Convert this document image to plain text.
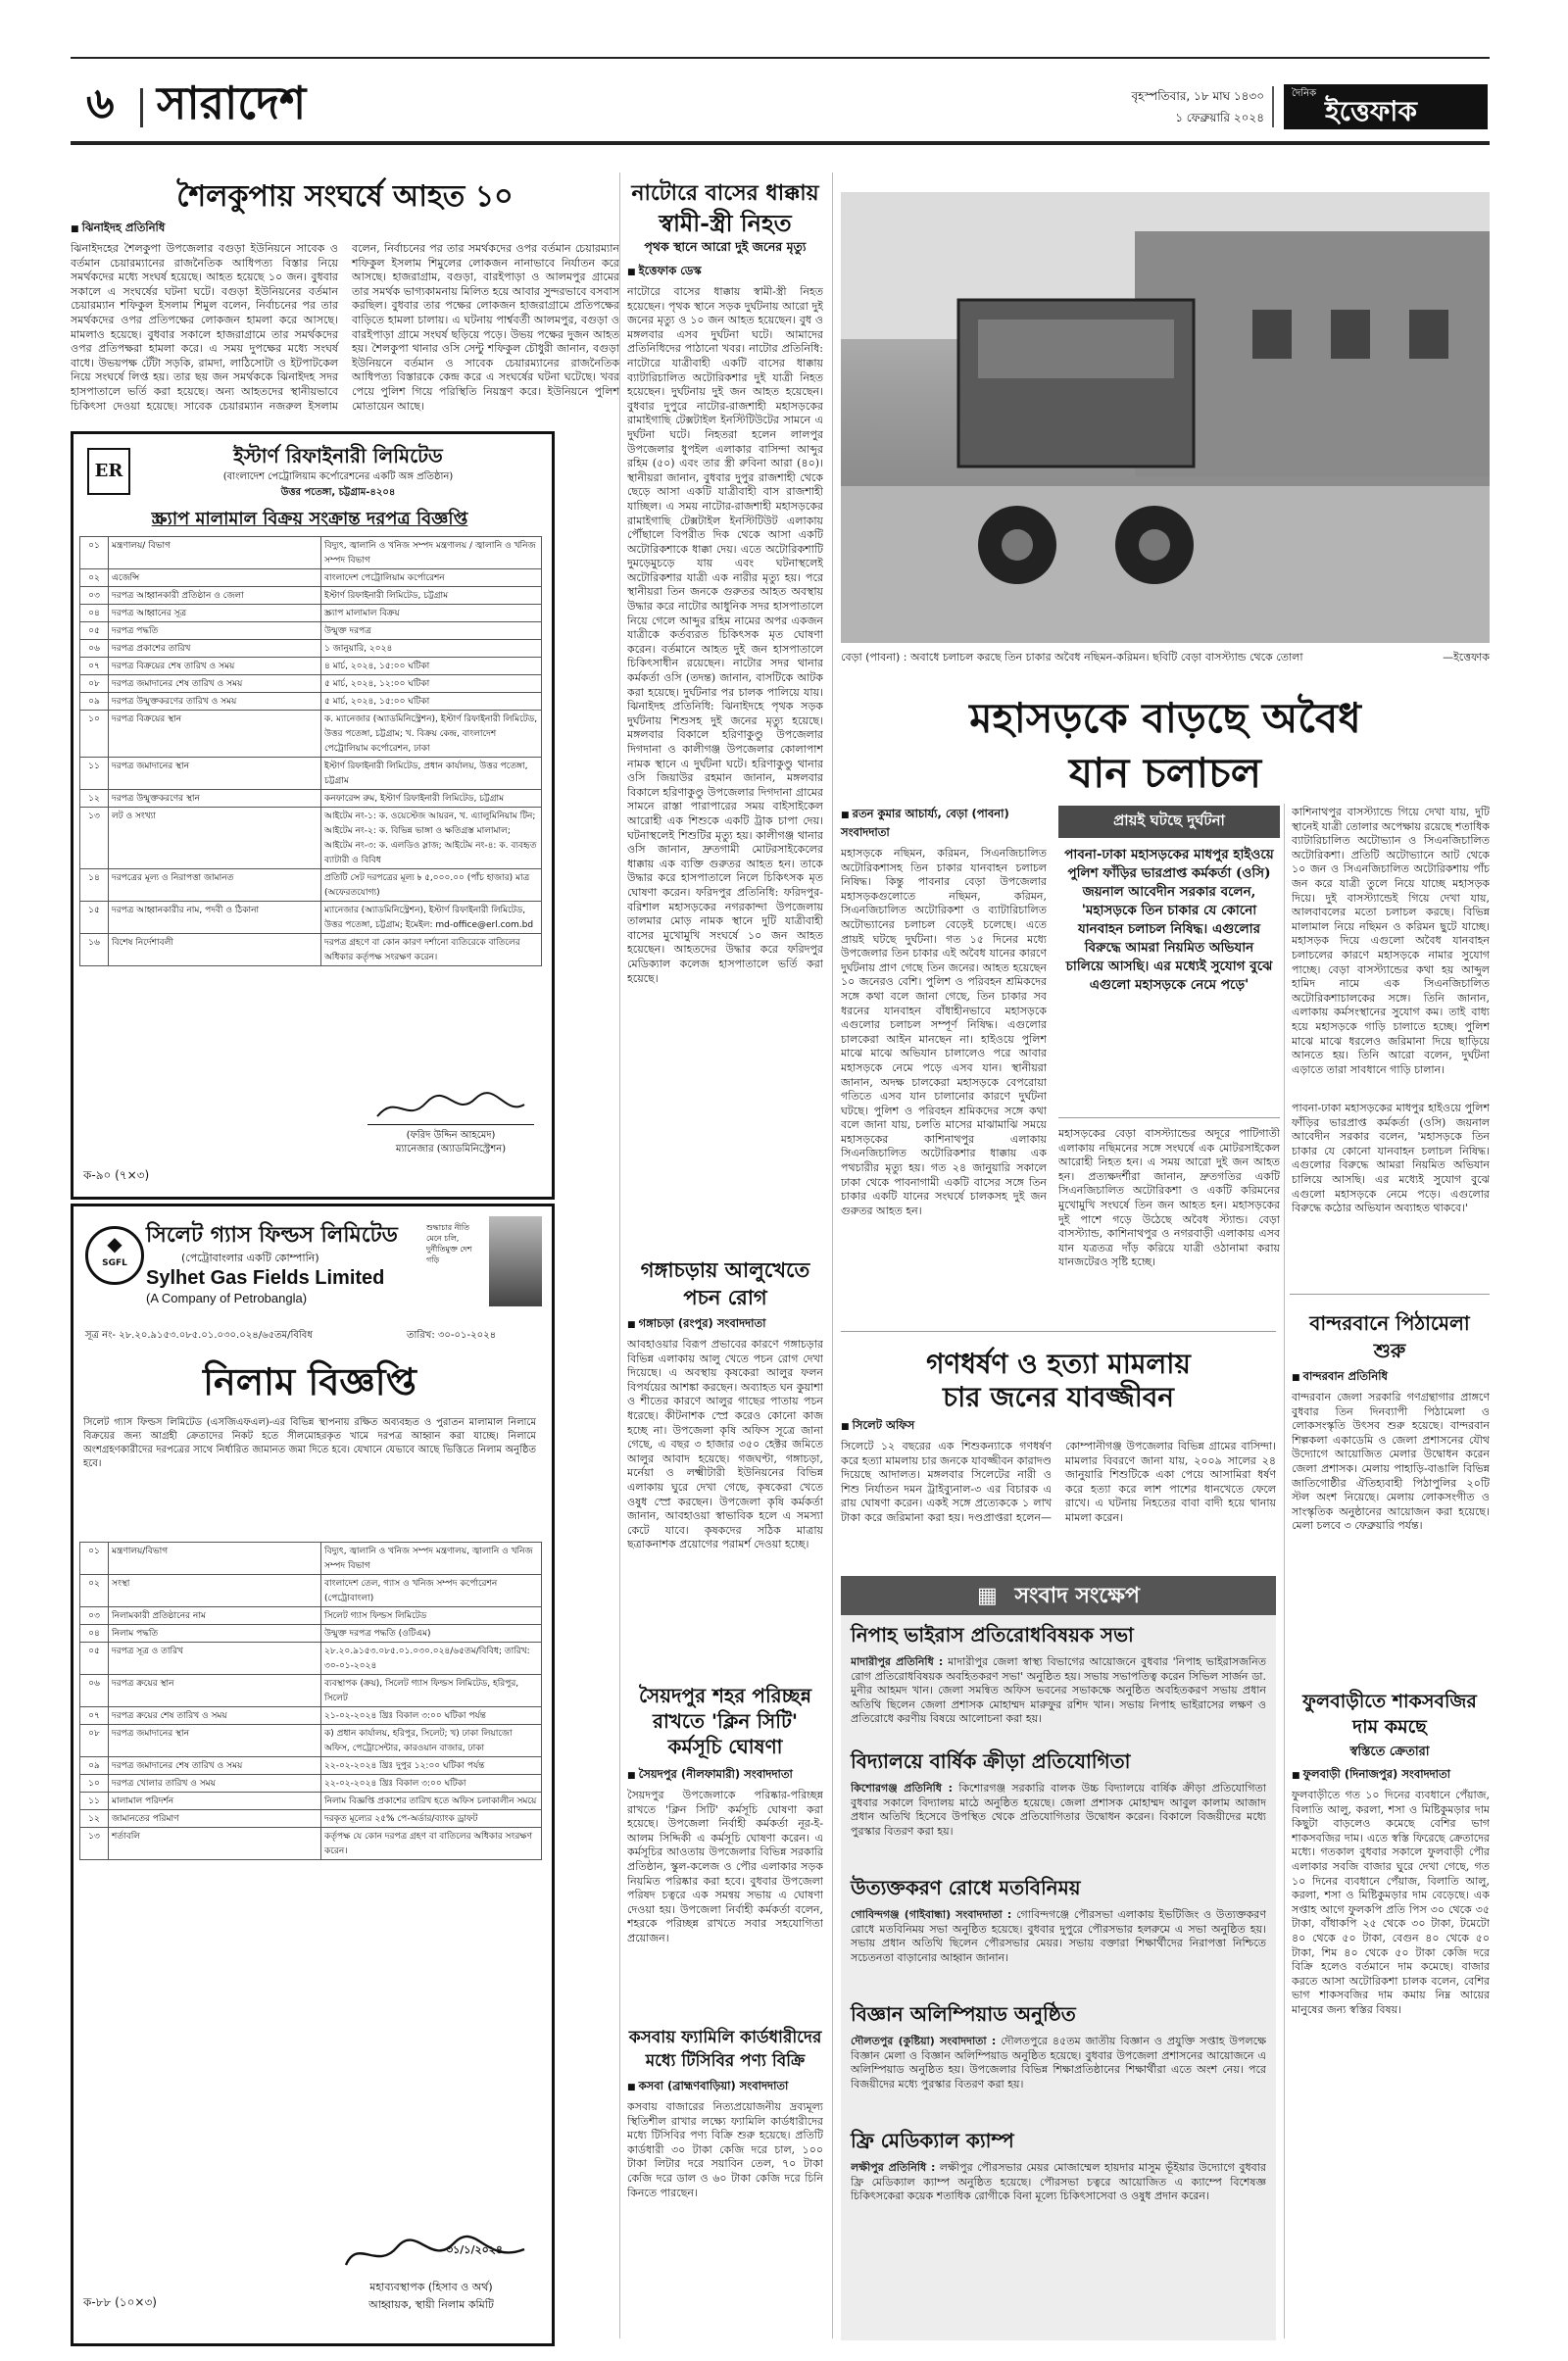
৬ সারাদেশ	বৃহস্পতিবার, ১৮ মাঘ ১৪৩০
১ ফেব্রুয়ারি ২০২৪
দৈনিক
ইত্তেফাক
শৈলকুপায় সংঘর্ষে আহত ১০
■ ঝিনাইদহ প্রতিনিধি
ঝিনাইদহের শৈলকুপা উপজেলার বগুড়া ইউনিয়নে সাবেক ও বর্তমান চেয়ারম্যানের রাজনৈতিক আধিপত্য বিস্তার নিয়ে সমর্থকদের মধ্যে সংঘর্ষ হয়েছে। আহত হয়েছে ১০ জন। বুধবার সকালে এ সংঘর্ষের ঘটনা ঘটে। বগুড়া ইউনিয়নের বর্তমান চেয়ারম্যান শফিকুল ইসলাম শিমুল বলেন, নির্বাচনের পর তার সমর্থকদের ওপর প্রতিপক্ষের লোকজন হামলা করে আসছে। মামলাও হয়েছে। বুধবার সকালে হাজরাগ্রামে তার সমর্থকদের ওপর প্রতিপক্ষরা হামলা করে। এ সময় দুপক্ষের মধ্যে সংঘর্ষ বাধে। উভয়পক্ষ টেঁটা সড়কি, রামদা, লাঠিসোটা ও ইটপাটকেল নিয়ে সংঘর্ষে লিপ্ত হয়। তার ছয় জন সমর্থককে ঝিনাইদহ সদর হাসপাতালে ভর্তি করা হয়েছে। অন্য আহতদের স্থানীয়ভাবে চিকিৎসা দেওয়া হয়েছে। সাবেক চেয়ারম্যান নজরুল ইসলাম বলেন, নির্বাচনের পর তার সমর্থকদের ওপর বর্তমান চেয়ারম্যান শফিকুল ইসলাম শিমুলের লোকজন নানাভাবে নির্যাতন করে আসছে। হাজরাগ্রাম, বগুড়া, বারইপাড়া ও আলমপুর গ্রামের তার সমর্থক ভাগ্যকামনায় মিলিত হয়ে আবার সুন্দরভাবে বসবাস করছিল। বুধবার তার পক্ষের লোকজন হাজরাগ্রামে প্রতিপক্ষের বাড়িতে হামলা চালায়। এ ঘটনায় পার্শ্ববর্তী আলমপুর, বগুড়া ও বারইপাড়া গ্রামে সংঘর্ষ ছড়িয়ে পড়ে। উভয় পক্ষের দুজন আহত হয়। শৈলকুপা থানার ওসি সেন্টু শফিকুল চৌধুরী জানান, বগুড়া ইউনিয়নে বর্তমান ও সাবেক চেয়ারম্যানের রাজনৈতিক আধিপত্য বিস্তারকে কেন্দ্র করে এ সংঘর্ষের ঘটনা ঘটেছে। খবর পেয়ে পুলিশ গিয়ে পরিস্থিতি নিয়ন্ত্রণ করে। ইউনিয়নে পুলিশ মোতায়েন আছে।
ER
ইস্টার্ণ রিফাইনারী লিমিটেড
(বাংলাদেশ পেট্রোলিয়াম কর্পোরেশনের একটি অঙ্গ প্রতিষ্ঠান)
উত্তর পতেঙ্গা, চট্টগ্রাম-৪২০৪
স্ক্র্যাপ মালামাল বিক্রয় সংক্রান্ত দরপত্র বিজ্ঞপ্তি
০১	মন্ত্রণালয়/ বিভাগ	বিদ্যুৎ, জ্বালানি ও খনিজ সম্পদ মন্ত্রণালয় / জ্বালানি ও খনিজ সম্পদ বিভাগ
০২	এজেন্সি	বাংলাদেশ পেট্রোলিয়াম কর্পোরেশন
০৩	দরপত্র আহ্বানকারী প্রতিষ্ঠান ও জেলা	ইস্টার্ণ রিফাইনারী লিমিটেড, চট্টগ্রাম
০৪	দরপত্র আহ্বানের সূত্র	স্ক্র্যাপ মালামাল বিক্রয়
০৫	দরপত্র পদ্ধতি	উন্মুক্ত দরপত্র
০৬	দরপত্র প্রকাশের তারিখ	১ জানুয়ারি, ২০২৪
০৭	দরপত্র বিক্রয়ের শেষ তারিখ ও সময়	৪ মার্চ, ২০২৪, ১৫:০০ ঘটিকা
০৮	দরপত্র জমাদানের শেষ তারিখ ও সময়	৫ মার্চ, ২০২৪, ১২:০০ ঘটিকা
০৯	দরপত্র উন্মুক্তকরণের তারিখ ও সময়	৫ মার্চ, ২০২৪, ১৫:০০ ঘটিকা
১০	দরপত্র বিক্রয়ের স্থান	ক. ম্যানেজার (অ্যাডমিনিস্ট্রেশন), ইস্টার্ণ রিফাইনারী লিমিটেড, উত্তর পতেঙ্গা, চট্টগ্রাম; খ. বিক্রয় কেন্দ্র, বাংলাদেশ পেট্রোলিয়াম কর্পোরেশন, ঢাকা
১১	দরপত্র জমাদানের স্থান	ইস্টার্ণ রিফাইনারী লিমিটেড, প্রধান কার্যালয়, উত্তর পতেঙ্গা, চট্টগ্রাম
১২	দরপত্র উন্মুক্তকরণের স্থান	কনফারেন্স রুম, ইস্টার্ণ রিফাইনারী লিমিটেড, চট্টগ্রাম
১৩	লট ও সংখ্যা	আইটেম নং-১: ক. ওয়েস্টেজ আয়রন, খ. এ্যালুমিনিয়াম টিন; আইটেম নং-২: ক. বিভিন্ন ভাঙ্গা ও ক্ষতিগ্রস্ত মালামাল; আইটেম নং-৩: ক. এলডিও স্লাজ; আইটেম নং-৪: ক. ব্যবহৃত ব্যাটারী ও বিবিধ
১৪	দরপত্রের মূল্য ও নিরাপত্তা জামানত	প্রতিটি সেট দরপত্রের মূল্য ৳ ৫,০০০.০০ (পাঁচ হাজার) মাত্র (অফেরতযোগ্য)
১৫	দরপত্র আহ্বানকারীর নাম, পদবী ও ঠিকানা	ম্যানেজার (অ্যাডমিনিস্ট্রেশন), ইস্টার্ণ রিফাইনারী লিমিটেড, উত্তর পতেঙ্গা, চট্টগ্রাম; ইমেইল: md-office@erl.com.bd
১৬	বিশেষ নির্দেশাবলী	দরপত্র গ্রহণে বা কোন কারণ দর্শানো ব্যতিরেকে বাতিলের অধিকার কর্তৃপক্ষ সংরক্ষণ করেন।
(ফরিদ উদ্দিন আহমেদ)
ম্যানেজার (অ্যাডমিনিস্ট্রেশন)
ক-৯০ (৭×৩)
◆
SGFL
সিলেট গ্যাস ফিল্ডস লিমিটেড
(পেট্রোবাংলার একটি কোম্পানি)
Sylhet Gas Fields Limited
(A Company of Petrobangla)
শুদ্ধাচার নীতি মেনে চলি, দুর্নীতিমুক্ত দেশ গড়ি
সূত্র নং- ২৮.২০.৯১৫৩.০৮৫.০১.০৩০.০২৪/৬৫তম/বিবিধ	তারিখ: ৩০-০১-২০২৪
নিলাম বিজ্ঞপ্তি
সিলেট গ্যাস ফিল্ডস লিমিটেড (এসজিএফএল)-এর বিভিন্ন স্থাপনায় রক্ষিত অব্যবহৃত ও পুরাতন মালামাল নিলামে বিক্রয়ের জন্য আগ্রহী ক্রেতাদের নিকট হতে সীলমোহরকৃত খামে দরপত্র আহ্বান করা যাচ্ছে। নিলামে অংশগ্রহণকারীদের দরপত্রের সাথে নির্ধারিত জামানত জমা দিতে হবে। যেখানে যেভাবে আছে ভিত্তিতে নিলাম অনুষ্ঠিত হবে।
০১	মন্ত্রণালয়/বিভাগ	বিদ্যুৎ, জ্বালানি ও খনিজ সম্পদ মন্ত্রণালয়, জ্বালানি ও খনিজ সম্পদ বিভাগ
০২	সংস্থা	বাংলাদেশ তেল, গ্যাস ও খনিজ সম্পদ কর্পোরেশন (পেট্রোবাংলা)
০৩	নিলামকারী প্রতিষ্ঠানের নাম	সিলেট গ্যাস ফিল্ডস লিমিটেড
০৪	নিলাম পদ্ধতি	উন্মুক্ত দরপত্র পদ্ধতি (ওটিএম)
০৫	দরপত্র সূত্র ও তারিখ	২৮.২০.৯১৫৩.০৮৫.০১.০৩০.০২৪/৬৫তম/বিবিধ; তারিখ: ৩০-০১-২০২৪
০৬	দরপত্র ক্রয়ের স্থান	ব্যবস্থাপক (ক্রয়), সিলেট গ্যাস ফিল্ডস লিমিটেড, হরিপুর, সিলেট
০৭	দরপত্র ক্রয়ের শেষ তারিখ ও সময়	২১-০২-২০২৪ খ্রিঃ বিকাল ৩:০০ ঘটিকা পর্যন্ত
০৮	দরপত্র জমাদানের স্থান	ক) প্রধান কার্যালয়, হরিপুর, সিলেট; খ) ঢাকা লিয়াজো অফিস, পেট্রোসেন্টার, কারওয়ান বাজার, ঢাকা
০৯	দরপত্র জমাদানের শেষ তারিখ ও সময়	২২-০২-২০২৪ খ্রিঃ দুপুর ১২:০০ ঘটিকা পর্যন্ত
১০	দরপত্র খোলার তারিখ ও সময়	২২-০২-২০২৪ খ্রিঃ বিকাল ৩:০০ ঘটিকা
১১	মালামাল পরিদর্শন	নিলাম বিজ্ঞপ্তি প্রকাশের তারিখ হতে অফিস চলাকালীন সময়ে
১২	জামানতের পরিমাণ	দরকৃত মূল্যের ২৫% পে-অর্ডার/ব্যাংক ড্রাফট
১৩	শর্তাবলি	কর্তৃপক্ষ যে কোন দরপত্র গ্রহণ বা বাতিলের অধিকার সংরক্ষণ করেন।
৩১/১/২০২৪
মহাব্যবস্থাপক (হিসাব ও অর্থ)
আহ্বায়ক, স্থায়ী নিলাম কমিটি
ক-৮৮ (১০×৩)
নাটোরে বাসের ধাক্কায়
স্বামী-স্ত্রী নিহত
পৃথক স্থানে আরো দুই জনের মৃত্যু
■ ইত্তেফাক ডেস্ক
নাটোরে বাসের ধাক্কায় স্বামী-স্ত্রী নিহত হয়েছেন। পৃথক স্থানে সড়ক দুর্ঘটনায় আরো দুই জনের মৃত্যু ও ১০ জন আহত হয়েছেন। বুধ ও মঙ্গলবার এসব দুর্ঘটনা ঘটে। আমাদের প্রতিনিধিদের পাঠানো খবর। নাটোর প্রতিনিধি: নাটোরে যাত্রীবাহী একটি বাসের ধাক্কায় ব্যাটারিচালিত অটোরিকশার দুই যাত্রী নিহত হয়েছেন। দুর্ঘটনায় দুই জন আহত হয়েছেন। বুধবার দুপুরে নাটোর-রাজশাহী মহাসড়কের রামাইগাছি টেক্সটাইল ইনস্টিটিউটের সামনে এ দুর্ঘটনা ঘটে। নিহতরা হলেন লালপুর উপজেলার ধুপইল এলাকার বাসিন্দা আব্দুর রহিম (৫০) এবং তার স্ত্রী রুবিনা আরা (৪০)। স্থানীয়রা জানান, বুধবার দুপুর রাজশাহী থেকে ছেড়ে আসা একটি যাত্রীবাহী বাস রাজশাহী যাচ্ছিল। এ সময় নাটোর-রাজশাহী মহাসড়কের রামাইগাছি টেক্সটাইল ইনস্টিটিউট এলাকায় পৌঁছালে বিপরীত দিক থেকে আসা একটি অটোরিকশাকে ধাক্কা দেয়। এতে অটোরিকশাটি দুমড়েমুচড়ে যায় এবং ঘটনাস্থলেই অটোরিকশার যাত্রী এক নারীর মৃত্যু হয়। পরে স্থানীয়রা তিন জনকে গুরুতর আহত অবস্থায় উদ্ধার করে নাটোর আধুনিক সদর হাসপাতালে নিয়ে গেলে আব্দুর রহিম নামের অপর একজন যাত্রীকে কর্তব্যরত চিকিৎসক মৃত ঘোষণা করেন। বর্তমানে আহত দুই জন হাসপাতালে চিকিৎসাধীন রয়েছেন। নাটোর সদর থানার কর্মকর্তা ওসি (তদন্ত) জানান, বাসটিকে আটক করা হয়েছে। দুর্ঘটনার পর চালক পালিয়ে যায়। ঝিনাইদহ প্রতিনিধি: ঝিনাইদহে পৃথক সড়ক দুর্ঘটনায় শিশুসহ দুই জনের মৃত্যু হয়েছে। মঙ্গলবার বিকালে হরিণাকুণ্ডু উপজেলার দিগদানা ও কালীগঞ্জ উপজেলার কোলাপাশ নামক স্থানে এ দুর্ঘটনা ঘটে। হরিণাকুণ্ডু থানার ওসি জিয়াউর রহমান জানান, মঙ্গলবার বিকালে হরিণাকুণ্ডু উপজেলার দিগদানা গ্রামের সামনে রাস্তা পারাপারের সময় বাইসাইকেল আরোহী এক শিশুকে একটি ট্রাক চাপা দেয়। ঘটনাস্থলেই শিশুটির মৃত্যু হয়। কালীগঞ্জ থানার ওসি জানান, দ্রুতগামী মোটরসাইকেলের ধাক্কায় এক ব্যক্তি গুরুতর আহত হন। তাকে উদ্ধার করে হাসপাতালে নিলে চিকিৎসক মৃত ঘোষণা করেন। ফরিদপুর প্রতিনিধি: ফরিদপুর-বরিশাল মহাসড়কের নগরকান্দা উপজেলায় তালমার মোড় নামক স্থানে দুটি যাত্রীবাহী বাসের মুখোমুখি সংঘর্ষে ১০ জন আহত হয়েছেন। আহতদের উদ্ধার করে ফরিদপুর মেডিক্যাল কলেজ হাসপাতালে ভর্তি করা হয়েছে।
গঙ্গাচড়ায় আলুখেতে
পচন রোগ
■ গঙ্গাচড়া (রংপুর) সংবাদদাতা
আবহাওয়ার বিরূপ প্রভাবের কারণে গঙ্গাচড়ার বিভিন্ন এলাকায় আলু খেতে পচন রোগ দেখা দিয়েছে। এ অবস্থায় কৃষকেরা আলুর ফলন বিপর্যয়ের আশঙ্কা করছেন। অব্যাহত ঘন কুয়াশা ও শীতের কারণে আলুর গাছের পাতায় পচন ধরেছে। কীটনাশক স্প্রে করেও কোনো কাজ হচ্ছে না। উপজেলা কৃষি অফিস সূত্রে জানা গেছে, এ বছর ৩ হাজার ৩৫০ হেক্টর জমিতে আলুর আবাদ হয়েছে। গজঘণ্টা, গঙ্গাচড়া, মর্নেয়া ও লক্ষ্মীটারী ইউনিয়নের বিভিন্ন এলাকায় ঘুরে দেখা গেছে, কৃষকেরা খেতে ওষুধ স্প্রে করছেন। উপজেলা কৃষি কর্মকর্তা জানান, আবহাওয়া স্বাভাবিক হলে এ সমস্যা কেটে যাবে। কৃষকদের সঠিক মাত্রায় ছত্রাকনাশক প্রয়োগের পরামর্শ দেওয়া হচ্ছে।
সৈয়দপুর শহর পরিচ্ছন্ন
রাখতে 'ক্লিন সিটি'
কর্মসূচি ঘোষণা
■ সৈয়দপুর (নীলফামারী) সংবাদদাতা
সৈয়দপুর উপজেলাকে পরিষ্কার-পরিচ্ছন্ন রাখতে 'ক্লিন সিটি' কর্মসূচি ঘোষণা করা হয়েছে। উপজেলা নির্বাহী কর্মকর্তা নূর-ই-আলম সিদ্দিকী এ কর্মসূচি ঘোষণা করেন। এ কর্মসূচির আওতায় উপজেলার বিভিন্ন সরকারি প্রতিষ্ঠান, স্কুল-কলেজ ও পৌর এলাকার সড়ক নিয়মিত পরিষ্কার করা হবে। বুধবার উপজেলা পরিষদ চত্বরে এক সমন্বয় সভায় এ ঘোষণা দেওয়া হয়। উপজেলা নির্বাহী কর্মকর্তা বলেন, শহরকে পরিচ্ছন্ন রাখতে সবার সহযোগিতা প্রয়োজন।
কসবায় ফ্যামিলি কার্ডধারীদের
মধ্যে টিসিবির পণ্য বিক্রি
■ কসবা (ব্রাহ্মণবাড়িয়া) সংবাদদাতা
কসবায় বাজারের নিত্যপ্রয়োজনীয় দ্রব্যমূল্য স্থিতিশীল রাখার লক্ষ্যে ফ্যামিলি কার্ডধারীদের মধ্যে টিসিবির পণ্য বিক্রি শুরু হয়েছে। প্রতিটি কার্ডধারী ৩০ টাকা কেজি দরে চাল, ১০০ টাকা লিটার দরে সয়াবিন তেল, ৭০ টাকা কেজি দরে ডাল ও ৬০ টাকা কেজি দরে চিনি কিনতে পারছেন।
বেড়া (পাবনা) : অবাধে চলাচল করছে তিন চাকার অবৈধ নছিমন-করিমন। ছবিটি বেড়া বাসস্ট্যান্ড থেকে তোলা	—ইত্তেফাক
মহাসড়কে বাড়ছে অবৈধ
যান চলাচল
■ রতন কুমার আচার্য্য, বেড়া (পাবনা) সংবাদদাতা
মহাসড়কে নছিমন, করিমন, সিএনজিচালিত অটোরিকশাসহ তিন চাকার যানবাহন চলাচল নিষিদ্ধ। কিন্তু পাবনার বেড়া উপজেলার মহাসড়কগুলোতে নছিমন, করিমন, সিএনজিচালিত অটোরিকশা ও ব্যাটারিচালিত অটোভ্যানের চলাচল বেড়েই চলেছে। এতে প্রায়ই ঘটছে দুর্ঘটনা। গত ১৫ দিনের মধ্যে উপজেলার তিন চাকার এই অবৈধ যানের কারণে দুর্ঘটনায় প্রাণ গেছে তিন জনের। আহত হয়েছেন ১০ জনেরও বেশি। পুলিশ ও পরিবহন শ্রমিকদের সঙ্গে কথা বলে জানা গেছে, তিন চাকার সব ধরনের যানবাহন বাঁধাহীনভাবে মহাসড়কে এগুলোর চলাচল সম্পূর্ণ নিষিদ্ধ। এগুলোর চালকেরা আইন মানছেন না। হাইওয়ে পুলিশ মাঝে মাঝে অভিযান চালালেও পরে আবার মহাসড়কে নেমে পড়ে এসব যান। স্থানীয়রা জানান, অদক্ষ চালকেরা মহাসড়কে বেপরোয়া গতিতে এসব যান চালানোর কারণে দুর্ঘটনা ঘটছে। পুলিশ ও পরিবহন শ্রমিকদের সঙ্গে কথা বলে জানা যায়, চলতি মাসের মাঝামাঝি সময়ে মহাসড়কের কাশিনাথপুর এলাকায় সিএনজিচালিত অটোরিকশার ধাক্কায় এক পথচারীর মৃত্যু হয়। গত ২৪ জানুয়ারি সকালে ঢাকা থেকে পাবনাগামী একটি বাসের সঙ্গে তিন চাকার একটি যানের সংঘর্ষে চালকসহ দুই জন গুরুতর আহত হন।
প্রায়ই ঘটছে দুর্ঘটনা
পাবনা-ঢাকা মহাসড়কের মাধপুর হাইওয়ে পুলিশ ফাঁড়ির ভারপ্রাপ্ত কর্মকর্তা (ওসি) জয়নাল আবেদীন সরকার বলেন, 'মহাসড়কে তিন চাকার যে কোনো যানবাহন চলাচল নিষিদ্ধ। এগুলোর বিরুদ্ধে আমরা নিয়মিত অভিযান চালিয়ে আসছি। এর মধ্যেই সুযোগ বুঝে এগুলো মহাসড়কে নেমে পড়ে'
মহাসড়কের বেড়া বাসস্ট্যান্ডের অদূরে পাটিগাতী এলাকায় নছিমনের সঙ্গে সংঘর্ষে এক মোটরসাইকেল আরোহী নিহত হন। এ সময় আরো দুই জন আহত হন। প্রত্যক্ষদর্শীরা জানান, দ্রুতগতির একটি সিএনজিচালিত অটোরিকশা ও একটি করিমনের মুখোমুখি সংঘর্ষে তিন জন আহত হন। মহাসড়কের দুই পাশে গড়ে উঠেছে অবৈধ স্ট্যান্ড। বেড়া বাসস্ট্যান্ড, কাশিনাথপুর ও নগরবাড়ী এলাকায় এসব যান যত্রতত্র দাঁড় করিয়ে যাত্রী ওঠানামা করায় যানজটেরও সৃষ্টি হচ্ছে।
কাশিনাথপুর বাসস্ট্যান্ডে গিয়ে দেখা যায়, দুটি স্থানেই যাত্রী তোলার অপেক্ষায় রয়েছে শতাধিক ব্যাটারিচালিত অটোভ্যান ও সিএনজিচালিত অটোরিকশা। প্রতিটি অটোভ্যানে আট থেকে ১০ জন ও সিএনজিচালিত অটোরিকশায় পাঁচ জন করে যাত্রী তুলে নিয়ে যাচ্ছে মহাসড়ক দিয়ে। দুই বাসস্ট্যান্ডেই গিয়ে দেখা যায়, আলবাবলের মতো চলাচল করছে। বিভিন্ন মালামাল নিয়ে নছিমন ও করিমন ছুটে যাচ্ছে। মহাসড়ক দিয়ে এগুলো অবৈধ যানবাহন চলাচলের কারণে মহাসড়কে নামার সুযোগ পাচ্ছে। বেড়া বাসস্ট্যান্ডের কথা হয় আব্দুল হামিদ নামে এক সিএনজিচালিত অটোরিকশাচালকের সঙ্গে। তিনি জানান, এলাকায় কর্মসংস্থানের সুযোগ কম। তাই বাধ্য হয়ে মহাসড়কে গাড়ি চালাতে হচ্ছে। পুলিশ মাঝে মাঝে ধরলেও জরিমানা দিয়ে ছাড়িয়ে আনতে হয়। তিনি আরো বলেন, দুর্ঘটনা এড়াতে তারা সাবধানে গাড়ি চালান।
পাবনা-ঢাকা মহাসড়কের মাধপুর হাইওয়ে পুলিশ ফাঁড়ির ভারপ্রাপ্ত কর্মকর্তা (ওসি) জয়নাল আবেদীন সরকার বলেন, 'মহাসড়কে তিন চাকার যে কোনো যানবাহন চলাচল নিষিদ্ধ। এগুলোর বিরুদ্ধে আমরা নিয়মিত অভিযান চালিয়ে আসছি। এর মধ্যেই সুযোগ বুঝে এগুলো মহাসড়কে নেমে পড়ে। এগুলোর বিরুদ্ধে কঠোর অভিযান অব্যাহত থাকবে।'
গণধর্ষণ ও হত্যা মামলায়
চার জনের যাবজ্জীবন
■ সিলেট অফিস
সিলেটে ১২ বছরের এক শিশুকন্যাকে গণধর্ষণ করে হত্যা মামলায় চার জনকে যাবজ্জীবন কারাদণ্ড দিয়েছে আদালত। মঙ্গলবার সিলেটের নারী ও শিশু নির্যাতন দমন ট্রাইব্যুনাল-৩ এর বিচারক এ রায় ঘোষণা করেন। একই সঙ্গে প্রত্যেককে ১ লাখ টাকা করে জরিমানা করা হয়। দণ্ডপ্রাপ্তরা হলেন— কোম্পানীগঞ্জ উপজেলার বিভিন্ন গ্রামের বাসিন্দা। মামলার বিবরণে জানা যায়, ২০০৯ সালের ২৪ জানুয়ারি শিশুটিকে একা পেয়ে আসামিরা ধর্ষণ করে হত্যা করে লাশ পাশের ধানখেতে ফেলে রাখে। এ ঘটনায় নিহতের বাবা বাদী হয়ে থানায় মামলা করেন।
▦ সংবাদ সংক্ষেপ
নিপাহ ভাইরাস প্রতিরোধবিষয়ক সভা
মাদারীপুর প্রতিনিধি : মাদারীপুর জেলা স্বাস্থ্য বিভাগের আয়োজনে বুধবার 'নিপাহ ভাইরাসজনিত রোগ প্রতিরোধবিষয়ক অবহিতকরণ সভা' অনুষ্ঠিত হয়। সভায় সভাপতিত্ব করেন সিভিল সার্জন ডা. মুনীর আহমদ খান। জেলা সমন্বিত অফিস ভবনের সভাকক্ষে অনুষ্ঠিত অবহিতকরণ সভায় প্রধান অতিথি ছিলেন জেলা প্রশাসক মোহাম্মদ মারুফুর রশিদ খান। সভায় নিপাহ ভাইরাসের লক্ষণ ও প্রতিরোধে করণীয় বিষয়ে আলোচনা করা হয়।
বিদ্যালয়ে বার্ষিক ক্রীড়া প্রতিযোগিতা
কিশোরগঞ্জ প্রতিনিধি : কিশোরগঞ্জ সরকারি বালক উচ্চ বিদ্যালয়ে বার্ষিক ক্রীড়া প্রতিযোগিতা বুধবার সকালে বিদ্যালয় মাঠে অনুষ্ঠিত হয়েছে। জেলা প্রশাসক মোহাম্মদ আবুল কালাম আজাদ প্রধান অতিথি হিসেবে উপস্থিত থেকে প্রতিযোগিতার উদ্বোধন করেন। বিকালে বিজয়ীদের মধ্যে পুরস্কার বিতরণ করা হয়।
উত্যক্তকরণ রোধে মতবিনিময়
গোবিন্দগঞ্জ (গাইবান্ধা) সংবাদদাতা : গোবিন্দগঞ্জে পৌরসভা এলাকায় ইভটিজিং ও উত্যক্তকরণ রোধে মতবিনিময় সভা অনুষ্ঠিত হয়েছে। বুধবার দুপুরে পৌরসভার হলরুমে এ সভা অনুষ্ঠিত হয়। সভায় প্রধান অতিথি ছিলেন পৌরসভার মেয়র। সভায় বক্তারা শিক্ষার্থীদের নিরাপত্তা নিশ্চিতে সচেতনতা বাড়ানোর আহ্বান জানান।
বিজ্ঞান অলিম্পিয়াড অনুষ্ঠিত
দৌলতপুর (কুষ্টিয়া) সংবাদদাতা : দৌলতপুরে ৪৫তম জাতীয় বিজ্ঞান ও প্রযুক্তি সপ্তাহ উপলক্ষে বিজ্ঞান মেলা ও বিজ্ঞান অলিম্পিয়াড অনুষ্ঠিত হয়েছে। বুধবার উপজেলা প্রশাসনের আয়োজনে এ অলিম্পিয়াড অনুষ্ঠিত হয়। উপজেলার বিভিন্ন শিক্ষাপ্রতিষ্ঠানের শিক্ষার্থীরা এতে অংশ নেয়। পরে বিজয়ীদের মধ্যে পুরস্কার বিতরণ করা হয়।
ফ্রি মেডিক্যাল ক্যাম্প
লক্ষীপুর প্রতিনিধি : লক্ষীপুর পৌরসভার মেয়র মোজাম্মেল হায়দার মাসুম ভূঁইয়ার উদ্যোগে বুধবার ফ্রি মেডিক্যাল ক্যাম্প অনুষ্ঠিত হয়েছে। পৌরসভা চত্বরে আয়োজিত এ ক্যাম্পে বিশেষজ্ঞ চিকিৎসকেরা কয়েক শতাধিক রোগীকে বিনা মূল্যে চিকিৎসাসেবা ও ওষুধ প্রদান করেন।
বান্দরবানে পিঠামেলা
শুরু
■ বান্দরবান প্রতিনিধি
বান্দরবান জেলা সরকারি গণগ্রন্থাগার প্রাঙ্গণে বুধবার তিন দিনব্যাপী পিঠামেলা ও লোকসংস্কৃতি উৎসব শুরু হয়েছে। বান্দরবান শিল্পকলা একাডেমি ও জেলা প্রশাসনের যৌথ উদ্যোগে আয়োজিত মেলার উদ্বোধন করেন জেলা প্রশাসক। মেলায় পাহাড়ি-বাঙালি বিভিন্ন জাতিগোষ্ঠীর ঐতিহ্যবাহী পিঠাপুলির ২০টি স্টল অংশ নিয়েছে। মেলায় লোকসংগীত ও সাংস্কৃতিক অনুষ্ঠানের আয়োজন করা হয়েছে। মেলা চলবে ৩ ফেব্রুয়ারি পর্যন্ত।
ফুলবাড়ীতে শাকসবজির
দাম কমছে
স্বস্তিতে ক্রেতারা
■ ফুলবাড়ী (দিনাজপুর) সংবাদদাতা
ফুলবাড়ীতে গত ১০ দিনের ব্যবধানে পেঁয়াজ, বিলাতি আলু, করলা, শসা ও মিষ্টিকুমড়ার দাম কিছুটা বাড়লেও কমেছে বেশির ভাগ শাকসবজির দাম। এতে স্বস্তি ফিরেছে ক্রেতাদের মধ্যে। গতকাল বুধবার সকালে ফুলবাড়ী পৌর এলাকার সবজি বাজার ঘুরে দেখা গেছে, গত ১০ দিনের ব্যবধানে পেঁয়াজ, বিলাতি আলু, করলা, শসা ও মিষ্টিকুমড়ার দাম বেড়েছে। এক সপ্তাহ আগে ফুলকপি প্রতি পিস ৩০ থেকে ৩৫ টাকা, বাঁধাকপি ২৫ থেকে ৩০ টাকা, টমেটো ৪০ থেকে ৫০ টাকা, বেগুন ৪০ থেকে ৫০ টাকা, শিম ৪০ থেকে ৫০ টাকা কেজি দরে বিক্রি হলেও বর্তমানে দাম কমেছে। বাজার করতে আসা অটোরিকশা চালক বলেন, বেশির ভাগ শাকসবজির দাম কমায় নিম্ন আয়ের মানুষের জন্য স্বস্তির বিষয়।
